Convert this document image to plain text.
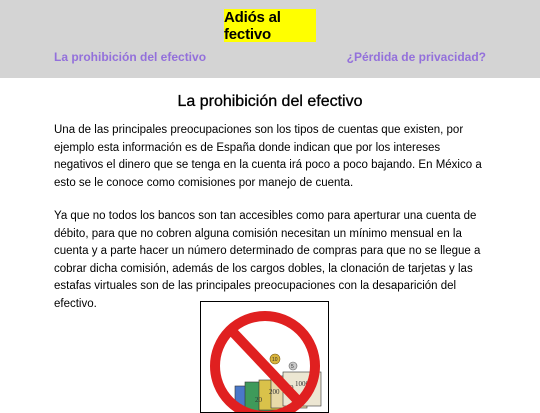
Adiós al fectivo
La prohibición del efectivo	¿Pérdida de privacidad?
La prohibición del efectivo

Una de las principales preocupaciones son los tipos de cuentas que existen, por ejemplo esta información es de España donde indican que por los intereses negativos el dinero que se tenga en la cuenta irá poco a poco bajando. En México a esto se le conoce como comisiones por manejo de cuenta.

Ya que no todos los bancos son tan accesibles como para aperturar una cuenta de débito, para que no cobren alguna comisión necesitan un mínimo mensual en la cuenta y a parte hacer un número determinado de compras para que no se llegue a cobrar dicha comisión, además de los cargos dobles, la clonación de tarjetas y las estafas virtuales son de las principales preocupaciones con la desaparición del efectivo.

1000
200
20
10
5
